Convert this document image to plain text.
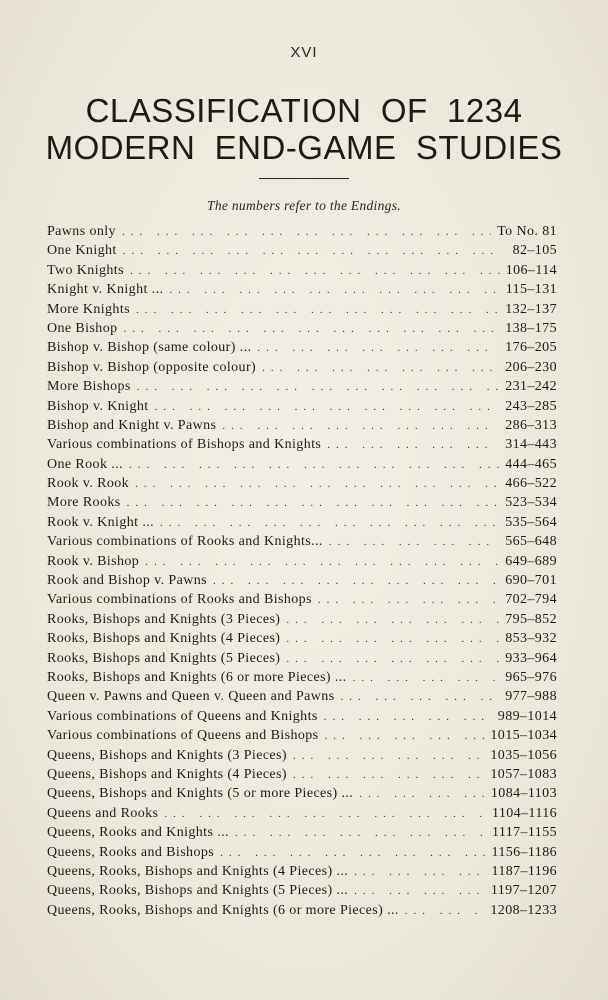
XVI
CLASSIFICATION  OF  1234
MODERN  END-GAME  STUDIES
The numbers refer to the Endings.
Pawns only ... .	To No. 81
One Knight ... .	82–105
Two Knights ... .	106–114
Knight v. Knight ... ... .	115–131
More Knights ... .	132–137
One Bishop ... .	138–175
Bishop v. Bishop (same colour) ... ... .	176–205
Bishop v. Bishop (opposite colour) ... .	206–230
More Bishops ... .	231–242
Bishop v. Knight ... .	243–285
Bishop and Knight v. Pawns ... .	286–313
Various combinations of Bishops and Knights ... .	314–443
One Rook ... ... .	444–465
Rook v. Rook ... .	466–522
More Rooks ... .	523–534
Rook v. Knight ... ... .	535–564
Various combinations of Rooks and Knights... ... .	565–648
Rook v. Bishop ... .	649–689
Rook and Bishop v. Pawns ... .	690–701
Various combinations of Rooks and Bishops ... .	702–794
Rooks, Bishops and Knights (3 Pieces) ... .	795–852
Rooks, Bishops and Knights (4 Pieces) ... .	853–932
Rooks, Bishops and Knights (5 Pieces) ... .	933–964
Rooks, Bishops and Knights (6 or more Pieces) ... ... .	965–976
Queen v. Pawns and Queen v. Queen and Pawns ... .	977–988
Various combinations of Queens and Knights ... .	989–1014
Various combinations of Queens and Bishops ... .	1015–1034
Queens, Bishops and Knights (3 Pieces) ... .	1035–1056
Queens, Bishops and Knights (4 Pieces) ... .	1057–1083
Queens, Bishops and Knights (5 or more Pieces) ... ... .	1084–1103
Queens and Rooks ... .	1104–1116
Queens, Rooks and Knights ... ... .	1117–1155
Queens, Rooks and Bishops ... .	1156–1186
Queens, Rooks, Bishops and Knights (4 Pieces) ... ... .	1187–1196
Queens, Rooks, Bishops and Knights (5 Pieces) ... ... .	1197–1207
Queens, Rooks, Bishops and Knights (6 or more Pieces) ... ... .	1208–1233
